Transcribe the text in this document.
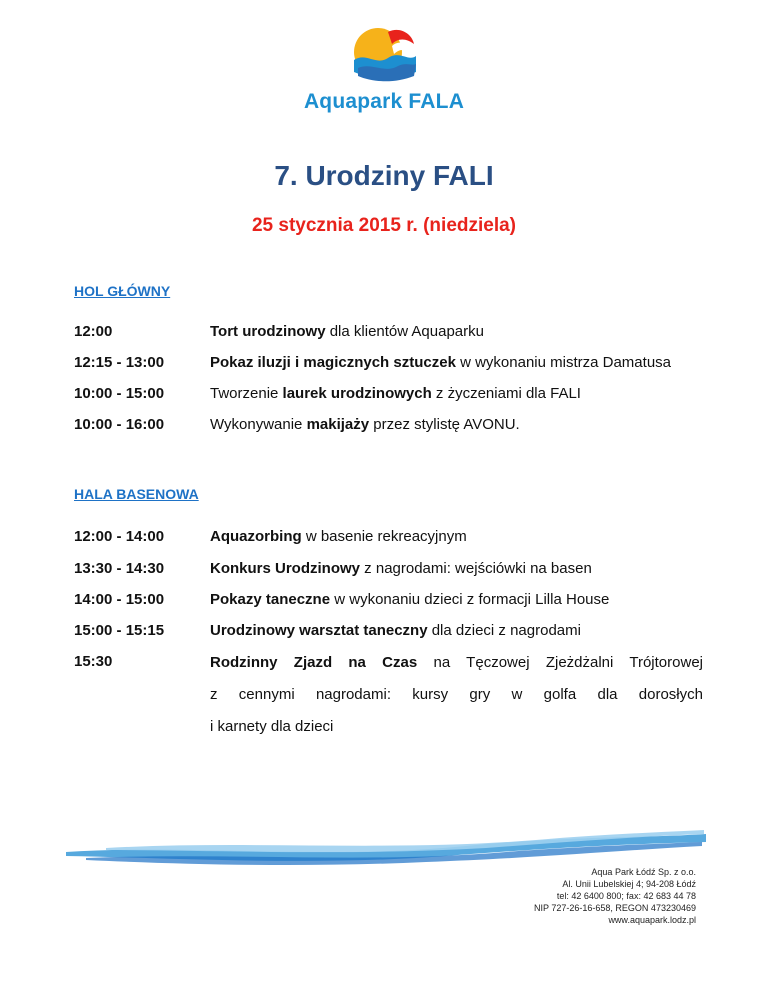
Aquapark FALA
7. Urodziny FALI
25 stycznia 2015 r. (niedziela)
HOL GŁÓWNY
12:00	Tort urodzinowy dla klientów Aquaparku
12:15 - 13:00	Pokaz iluzji i magicznych sztuczek w wykonaniu mistrza Damatusa
10:00 - 15:00	Tworzenie laurek urodzinowych z życzeniami dla FALI
10:00 - 16:00	Wykonywanie makijaży przez stylistę AVONU.
HALA BASENOWA
12:00 - 14:00	Aquazorbing w basenie rekreacyjnym
13:30 - 14:30	Konkurs Urodzinowy z nagrodami: wejściówki na basen
14:00 - 15:00	Pokazy taneczne w wykonaniu dzieci z formacji Lilla House
15:00 - 15:15	Urodzinowy warsztat taneczny dla dzieci z nagrodami
15:30	Rodzinny Zjazd na Czas na Tęczowej Zjeżdżalni Trójtorowej
z cennymi nagrodami: kursy gry w golfa dla dorosłych
i karnety dla dzieci
Aqua Park Łódź Sp. z o.o.
Al. Unii Lubelskiej 4; 94-208 Łódź
tel: 42 6400 800; fax: 42 683 44 78
NIP 727-26-16-658, REGON 473230469
www.aquapark.lodz.pl
